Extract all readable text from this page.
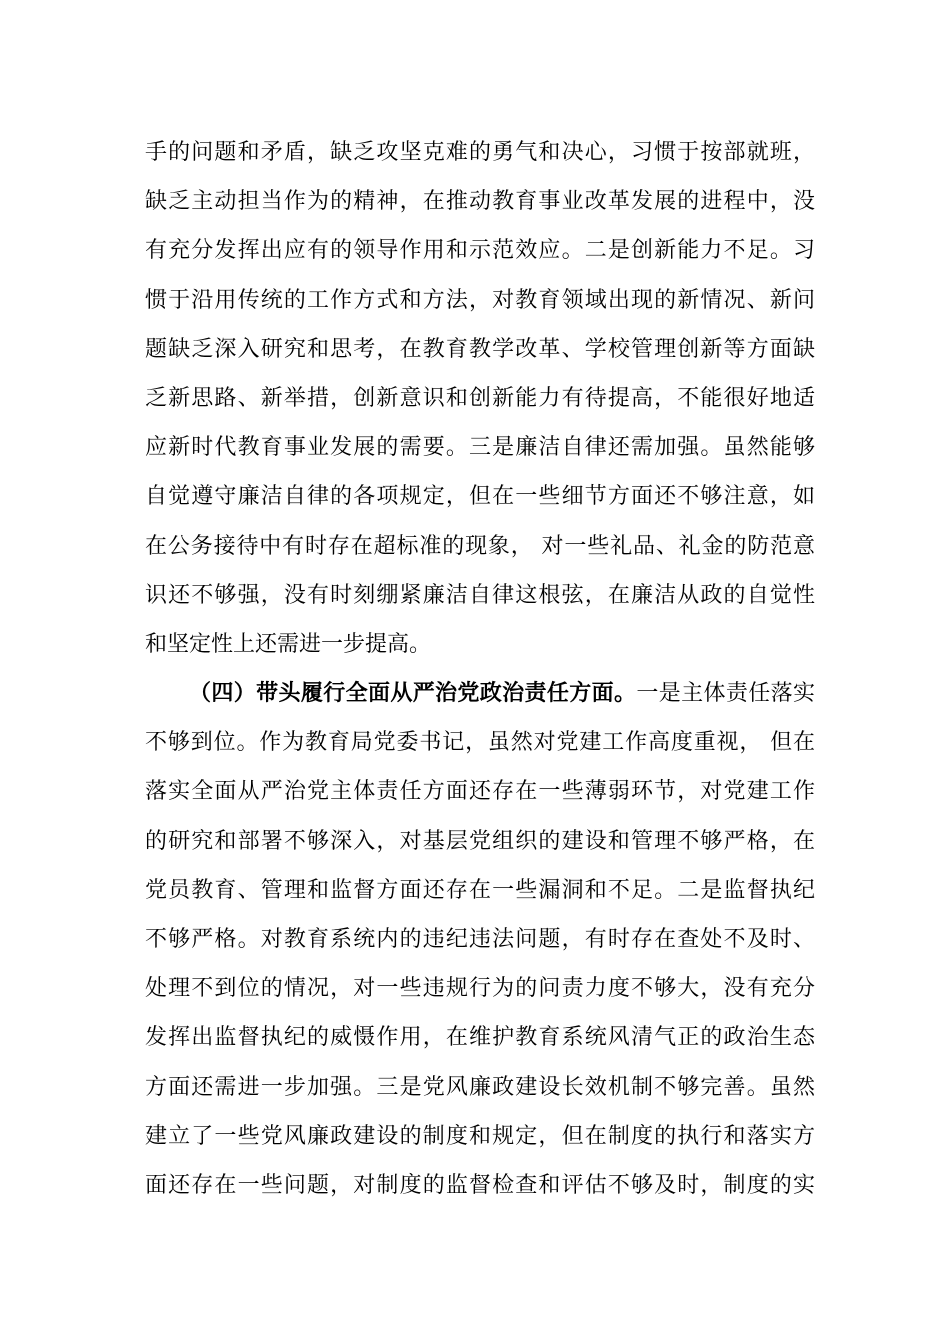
手的问题和矛盾，缺乏攻坚克难的勇气和决心，习惯于按部就班，
缺乏主动担当作为的精神，在推动教育事业改革发展的进程中，没
有充分发挥出应有的领导作用和示范效应。二是创新能力不足。习
惯于沿用传统的工作方式和方法，对教育领域出现的新情况、新问
题缺乏深入研究和思考，在教育教学改革、学校管理创新等方面缺
乏新思路、新举措，创新意识和创新能力有待提高，不能很好地适
应新时代教育事业发展的需要。三是廉洁自律还需加强。虽然能够
自觉遵守廉洁自律的各项规定，但在一些细节方面还不够注意，如
在公务接待中有时存在超标准的现象， 对一些礼品、礼金的防范意
识还不够强，没有时刻绷紧廉洁自律这根弦，在廉洁从政的自觉性
和坚定性上还需进一步提高。
（四）带头履行全面从严治党政治责任方面。一是主体责任落实
不够到位。作为教育局党委书记，虽然对党建工作高度重视， 但在
落实全面从严治党主体责任方面还存在一些薄弱环节，对党建工作
的研究和部署不够深入，对基层党组织的建设和管理不够严格，在
党员教育、管理和监督方面还存在一些漏洞和不足。二是监督执纪
不够严格。对教育系统内的违纪违法问题，有时存在查处不及时、
处理不到位的情况，对一些违规行为的问责力度不够大，没有充分
发挥出监督执纪的威慑作用，在维护教育系统风清气正的政治生态
方面还需进一步加强。三是党风廉政建设长效机制不够完善。虽然
建立了一些党风廉政建设的制度和规定，但在制度的执行和落实方
面还存在一些问题，对制度的监督检查和评估不够及时，制度的实
